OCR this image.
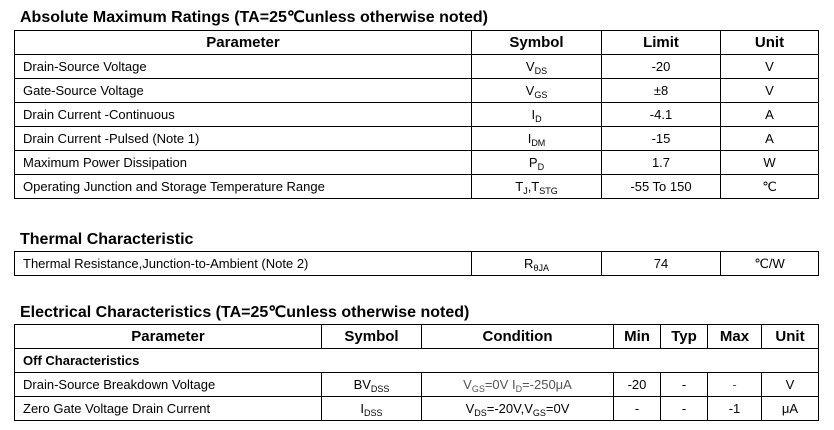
Absolute Maximum Ratings (TA=25℃unless otherwise noted)
Parameter	Symbol	Limit	Unit
Drain-Source Voltage	$V_{DS}$	-20	V
Gate-Source Voltage	$V_{GS}$	±8	V
Drain Current -Continuous	$I_D$	-4.1	A
Drain Current -Pulsed (Note 1)	$I_{DM}$	-15	A
Maximum Power Dissipation	$P_D$	1.7	W
Operating Junction and Storage Temperature Range	$T_J,T_{STG}$	-55 To 150	℃
Thermal Characteristic
Thermal Resistance,Junction-to-Ambient (Note 2)	$R_{\theta JA}$	74	℃/W
Electrical Characteristics (TA=25℃unless otherwise noted)
Parameter	Symbol	Condition	Min	Typ	Max	Unit
Off Characteristics						
Drain-Source Breakdown Voltage	$BV_{DSS}$	$V_{GS}=0V$ $I_D=-250\mu A$	-20	-	-	V
Zero Gate Voltage Drain Current	$I_{DSS}$	$V_{DS}=-20V,V_{GS}=0V$	-	-	-1	μA
